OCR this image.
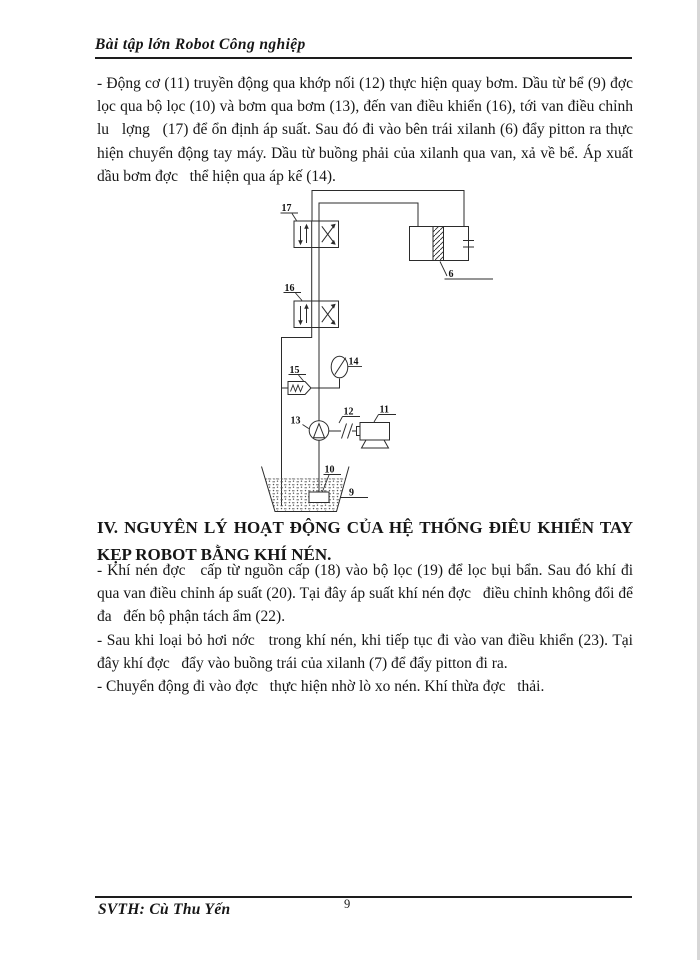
Bài tập lớn Robot Công nghiệp
- Động cơ (11) truyền động qua khớp nối (12) thực hiện quay bơm. Dầu từ bể (9) đợc   lọc qua bộ lọc (10) và bơm qua bơm (13), đến van điều khiển (16), tới van điều chỉnh lu   lợng   (17) để ổn định áp suất. Sau đó đi vào bên trái xilanh (6) đẩy pitton ra thực hiện chuyển động tay máy. Dầu từ buồng phải của xilanh qua van, xả về bể. Áp xuất dầu bơm đợc   thể hiện qua áp kế (14).
17
16
15
14
13
12	11
10
9
6
IV. NGUYÊN LÝ HOẠT ĐỘNG CỦA HỆ THỐNG ĐIÊU KHIỂN TAY
KẸP ROBOT BẰNG KHÍ NÉN.
- Khí nén đợc   cấp từ nguồn cấp (18) vào bộ lọc (19) để lọc bụi bẩn. Sau đó khí đi qua van điều chỉnh áp suất (20). Tại đây áp suất khí nén đợc   điều chỉnh không đổi để đa   đến bộ phận tách ẩm (22).
- Sau khi loại bỏ hơi nớc   trong khí nén, khi tiếp tục đi vào van điều khiển (23). Tại đây khí đợc   đẩy vào buồng trái của xilanh (7) để đẩy pitton đi ra.
- Chuyển động đi vào đợc   thực hiện nhờ lò xo nén. Khí thừa đợc   thải.
SVTH: Cù Thu Yến	9
